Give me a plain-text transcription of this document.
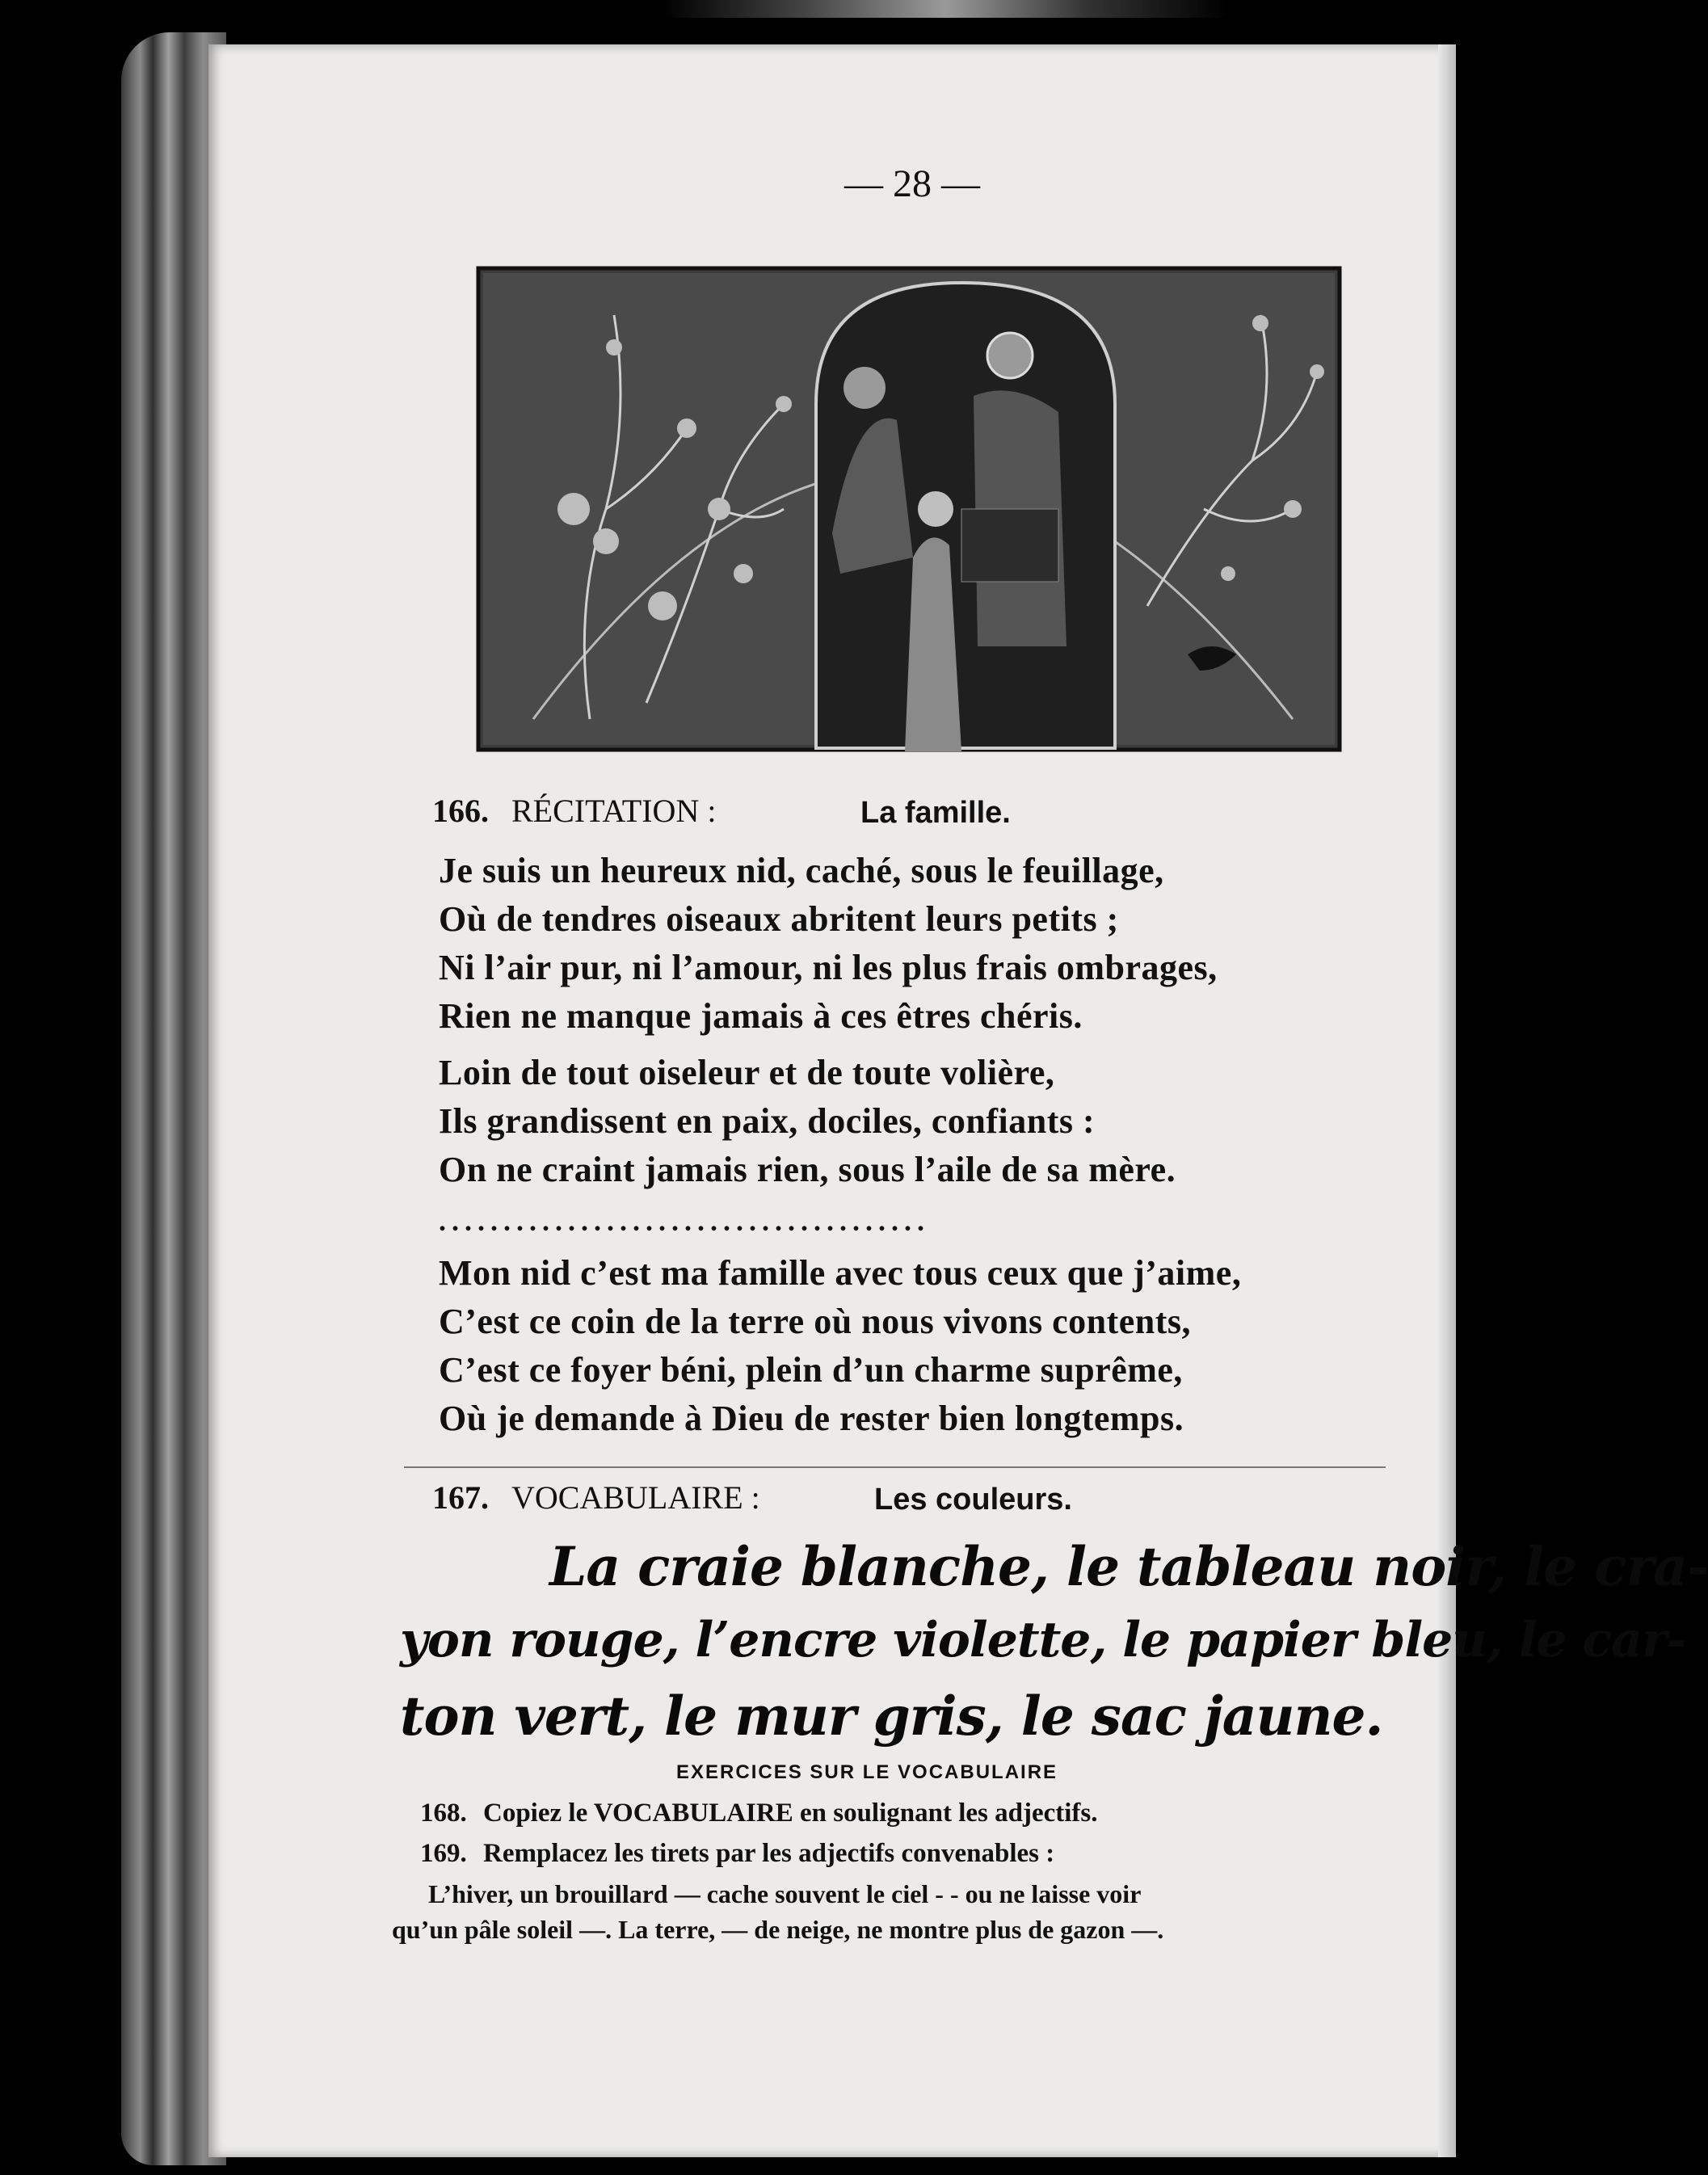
— 28 —
166. RÉCITATION :	La famille.
Je suis un heureux nid, caché, sous le feuillage,
Où de tendres oiseaux abritent leurs petits ;
Ni l’air pur, ni l’amour, ni les plus frais ombrages,
Rien ne manque jamais à ces êtres chéris.
Loin de tout oiseleur et de toute volière,
Ils grandissent en paix, dociles, confiants :
On ne craint jamais rien, sous l’aile de sa mère.
......................................
Mon nid c’est ma famille avec tous ceux que j’aime,
C’est ce coin de la terre où nous vivons contents,
C’est ce foyer béni, plein d’un charme suprême,
Où je demande à Dieu de rester bien longtemps.
167. VOCABULAIRE :	Les couleurs.
La craie blanche, le tableau noir, le cra-
yon rouge, l’encre violette, le papier bleu, le car-
ton vert, le mur gris, le sac jaune.
EXERCICES SUR LE VOCABULAIRE
168. Copiez le VOCABULAIRE en soulignant les adjectifs.
169. Remplacez les tirets par les adjectifs convenables :
L’hiver, un brouillard — cache souvent le ciel - - ou ne laisse voir
qu’un pâle soleil —. La terre, — de neige, ne montre plus de gazon —.
